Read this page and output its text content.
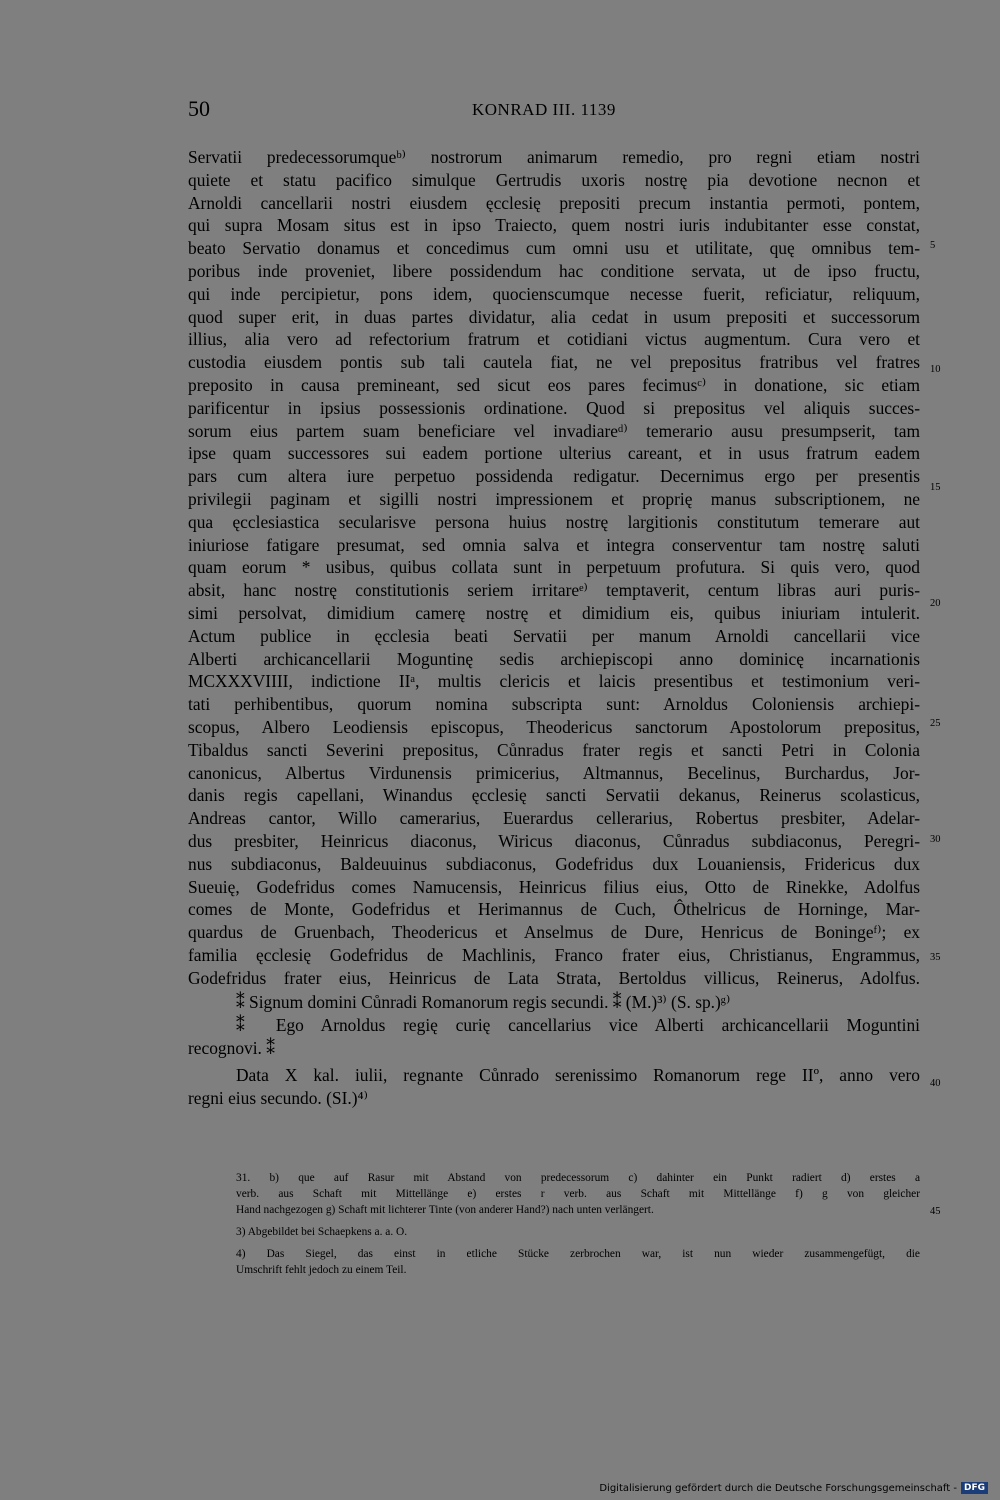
50	KONRAD III. 1139
Servatii predecessorumqueᵇ⁾ nostrorum animarum remedio, pro regni etiam nostri
quiete et statu pacifico simulque Gertrudis uxoris nostrę pia devotione necnon et
Arnoldi cancellarii nostri eiusdem ęcclesię prepositi precum instantia permoti, pontem,
qui supra Mosam situs est in ipso Traiecto, quem nostri iuris indubitanter esse constat,
beato Servatio donamus et concedimus cum omni usu et utilitate, quę omnibus tem-
poribus inde proveniet, libere possidendum hac conditione servata, ut de ipso fructu,
qui inde percipietur, pons idem, quocienscumque necesse fuerit, reficiatur, reliquum,
quod super erit, in duas partes dividatur, alia cedat in usum prepositi et successorum
illius, alia vero ad refectorium fratrum et cotidiani victus augmentum. Cura vero et
custodia eiusdem pontis sub tali cautela fiat, ne vel prepositus fratribus vel fratres
preposito in causa premineant, sed sicut eos pares fecimusᶜ⁾ in donatione, sic etiam
parificentur in ipsius possessionis ordinatione. Quod si prepositus vel aliquis succes-
sorum eius partem suam beneficiare vel invadiareᵈ⁾ temerario ausu presumpserit, tam
ipse quam successores sui eadem portione ulterius careant, et in usus fratrum eadem
pars cum altera iure perpetuo possidenda redigatur. Decernimus ergo per presentis
privilegii paginam et sigilli nostri impressionem et proprię manus subscriptionem, ne
qua ęcclesiastica secularisve persona huius nostrę largitionis constitutum temerare aut
iniuriose fatigare presumat, sed omnia salva et integra conserventur tam nostrę saluti
quam eorum * usibus, quibus collata sunt in perpetuum profutura. Si quis vero, quod
absit, hanc nostrę constitutionis seriem irritareᵉ⁾ temptaverit, centum libras auri puris-
simi persolvat, dimidium camerę nostrę et dimidium eis, quibus iniuriam intulerit.
Actum publice in ęcclesia beati Servatii per manum Arnoldi cancellarii vice
Alberti archicancellarii Moguntinę sedis archiepiscopi anno dominicę incarnationis
MCXXXVIIII, indictione IIᵃ, multis clericis et laicis presentibus et testimonium veri-
tati perhibentibus, quorum nomina subscripta sunt: Arnoldus Coloniensis archiepi-
scopus, Albero Leodiensis episcopus, Theodericus sanctorum Apostolorum prepositus,
Tibaldus sancti Severini prepositus, Cůnradus frater regis et sancti Petri in Colonia
canonicus, Albertus Virdunensis primicerius, Altmannus, Becelinus, Burchardus, Jor-
danis regis capellani, Winandus ęcclesię sancti Servatii dekanus, Reinerus scolasticus,
Andreas cantor, Willo camerarius, Euerardus cellerarius, Robertus presbiter, Adelar-
dus presbiter, Heinricus diaconus, Wiricus diaconus, Cůnradus subdiaconus, Peregri-
nus subdiaconus, Baldeuuinus subdiaconus, Godefridus dux Louaniensis, Fridericus dux
Sueuię, Godefridus comes Namucensis, Heinricus filius eius, Otto de Rinekke, Adolfus
comes de Monte, Godefridus et Herimannus de Cuch, Ôthelricus de Horninge, Mar-
quardus de Gruenbach, Theodericus et Anselmus de Dure, Henricus de Boningeᶠ⁾; ex
familia ęcclesię Godefridus de Machlinis, Franco frater eius, Christianus, Engrammus,
Godefridus frater eius, Heinricus de Lata Strata, Bertoldus villicus, Reinerus, Adolfus.
⁑ Signum domini Cůnradi Romanorum regis secundi. ⁑ (M.)³⁾ (S. sp.)ᵍ⁾
⁑ Ego Arnoldus regię curię cancellarius vice Alberti archicancellarii Moguntini
recognovi. ⁑
Data X kal. iulii, regnante Cůnrado serenissimo Romanorum rege IIº, anno vero
regni eius secundo. (SI.)⁴⁾
5
10
15
20
25
30
35
40
45
31. b) que auf Rasur mit Abstand von predecessorum c) dahinter ein Punkt radiert d) erstes a
verb. aus Schaft mit Mittellänge e) erstes r verb. aus Schaft mit Mittellänge f) g von gleicher
Hand nachgezogen g) Schaft mit lichterer Tinte (von anderer Hand?) nach unten verlängert.
3) Abgebildet bei Schaepkens a. a. O.
4) Das Siegel, das einst in etliche Stücke zerbrochen war, ist nun wieder zusammengefügt, die
Umschrift fehlt jedoch zu einem Teil.
Digitalisierung gefördert durch die Deutsche Forschungsgemeinschaft - DFG
